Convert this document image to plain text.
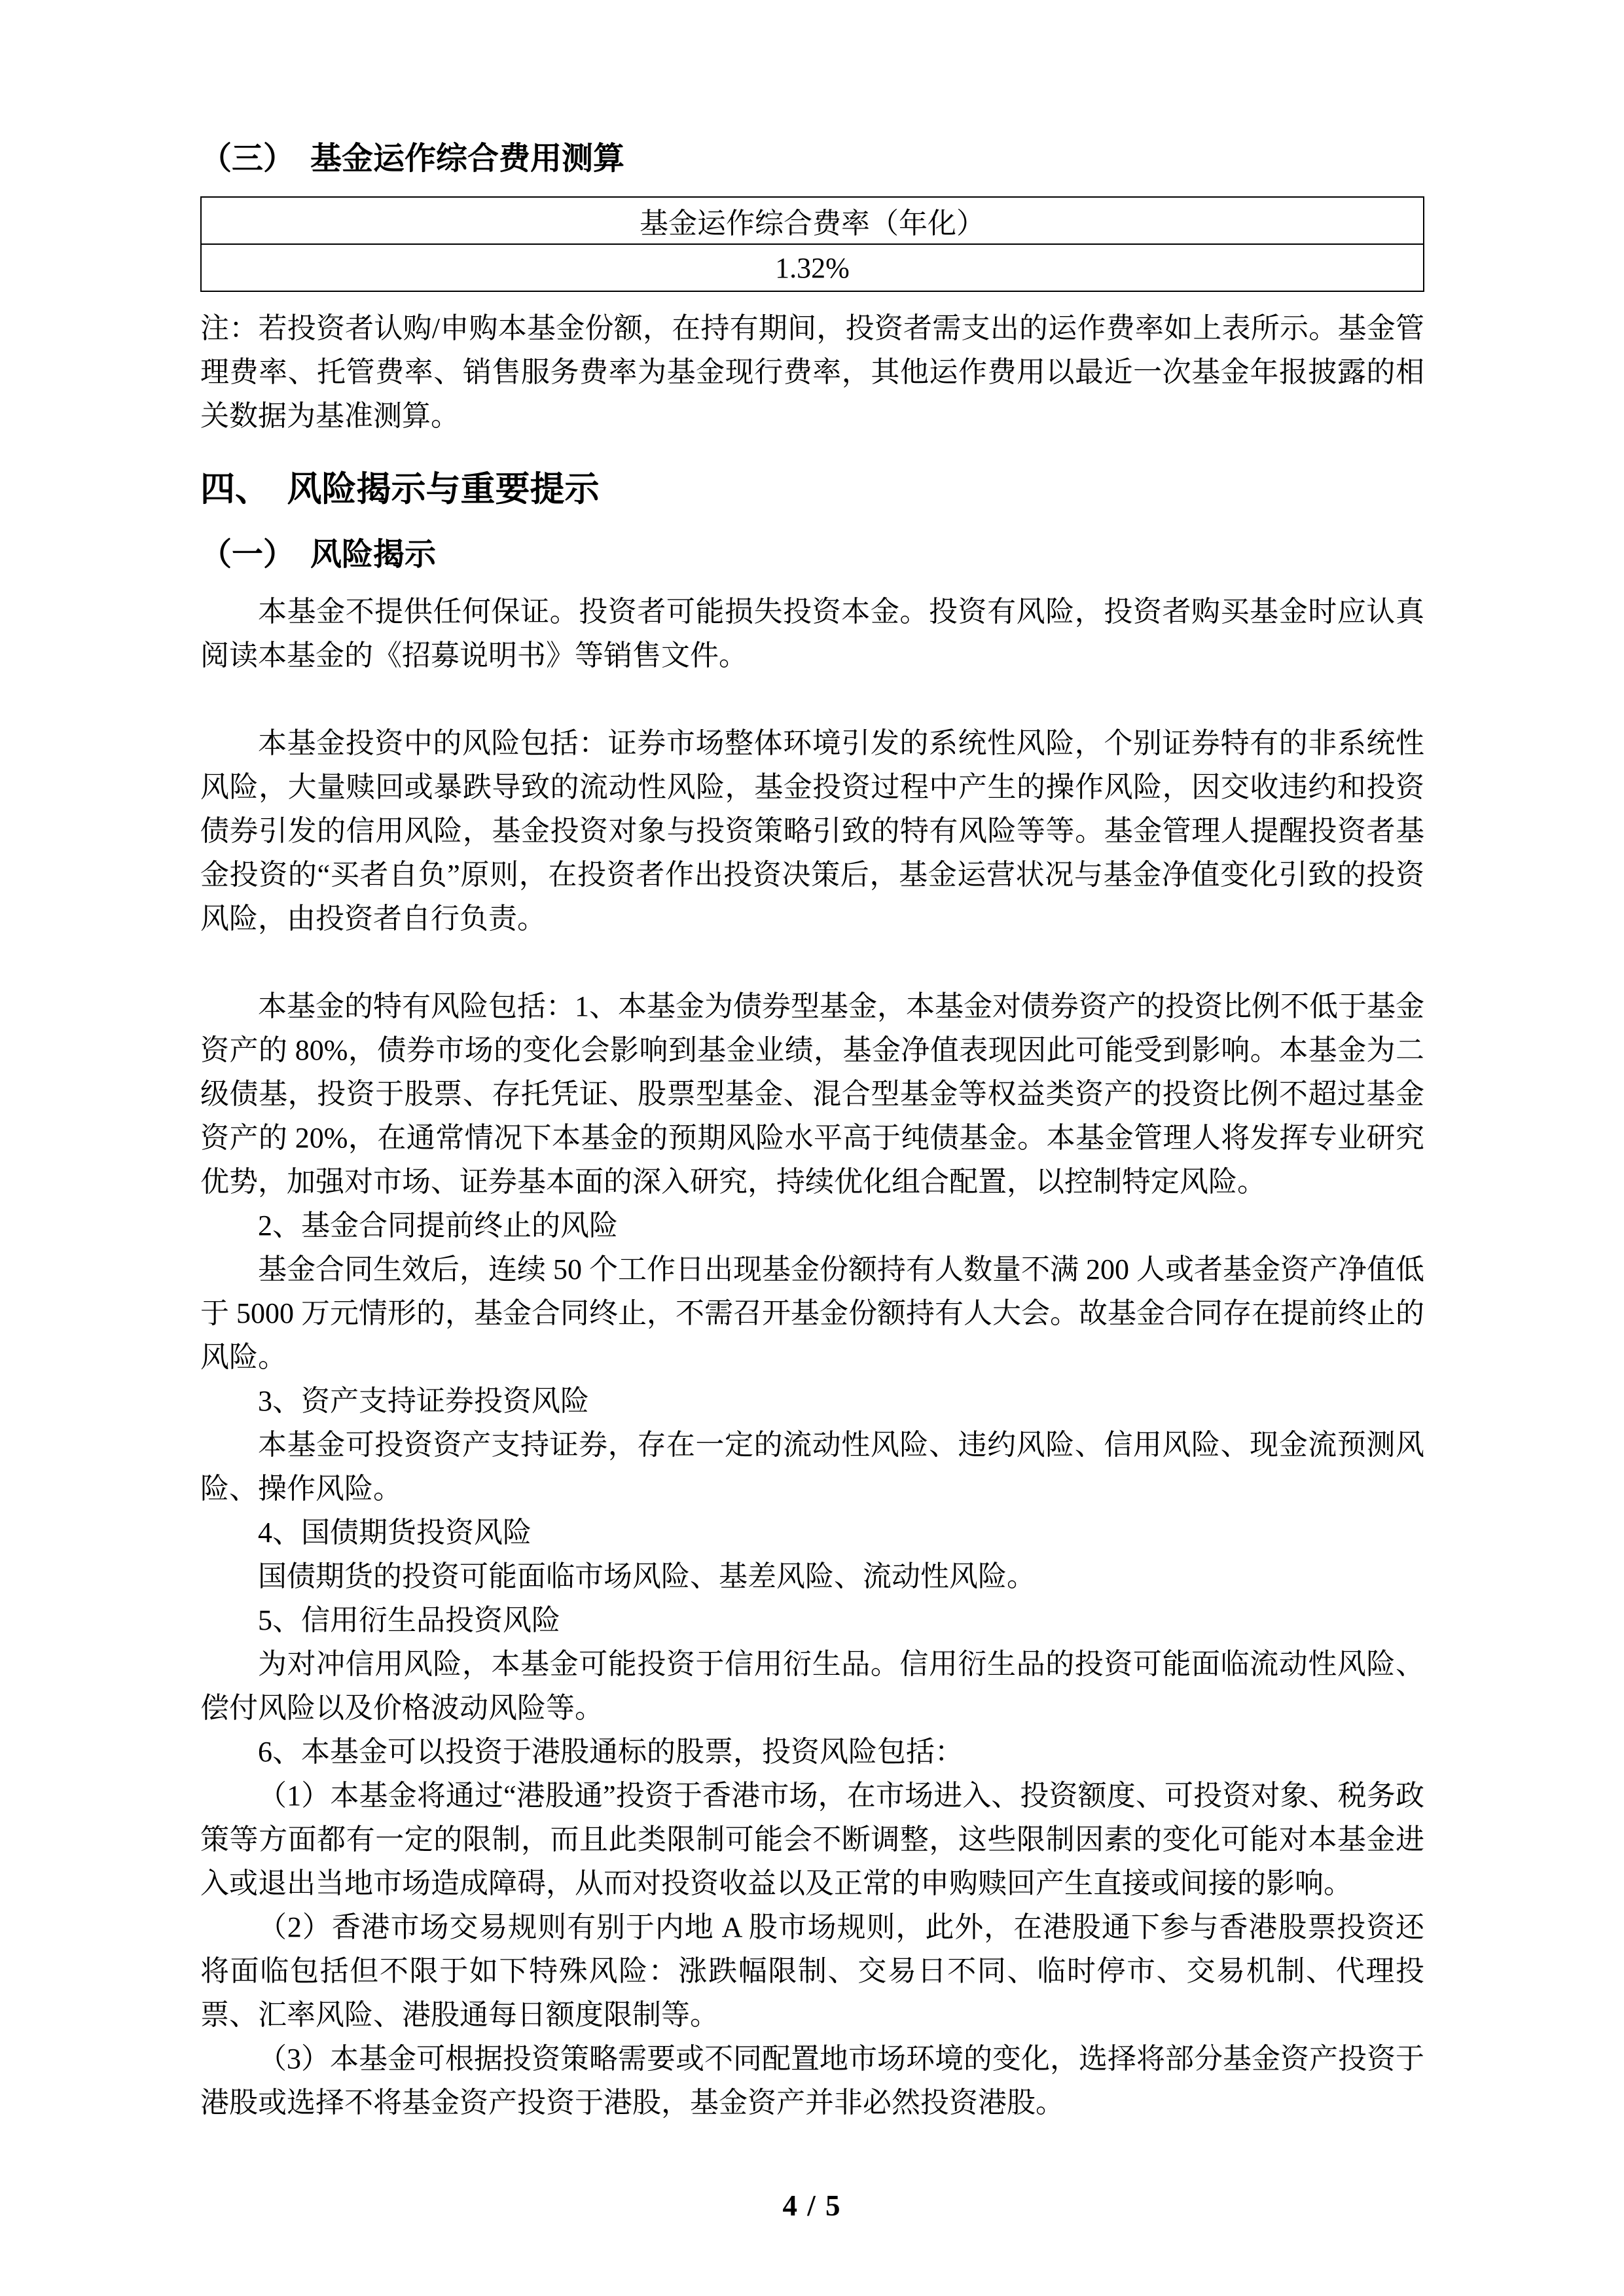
（三）　基金运作综合费用测算
基金运作综合费率（年化）
1.32%

注：若投资者认购/申购本基金份额，在持有期间，投资者需支出的运作费率如上表所示。基金管理费率、托管费率、销售服务费率为基金现行费率，其他运作费用以最近一次基金年报披露的相关数据为基准测算。

四、　风险揭示与重要提示
（一）　风险揭示

本基金不提供任何保证。投资者可能损失投资本金。投资有风险，投资者购买基金时应认真阅读本基金的《招募说明书》等销售文件。

本基金投资中的风险包括：证券市场整体环境引发的系统性风险，个别证券特有的非系统性风险，大量赎回或暴跌导致的流动性风险，基金投资过程中产生的操作风险，因交收违约和投资债券引发的信用风险，基金投资对象与投资策略引致的特有风险等等。基金管理人提醒投资者基金投资的“买者自负”原则，在投资者作出投资决策后，基金运营状况与基金净值变化引致的投资风险，由投资者自行负责。

本基金的特有风险包括：1、本基金为债券型基金，本基金对债券资产的投资比例不低于基金资产的 80%，债券市场的变化会影响到基金业绩，基金净值表现因此可能受到影响。本基金为二级债基，投资于股票、存托凭证、股票型基金、混合型基金等权益类资产的投资比例不超过基金资产的 20%，在通常情况下本基金的预期风险水平高于纯债基金。本基金管理人将发挥专业研究优势，加强对市场、证券基本面的深入研究，持续优化组合配置，以控制特定风险。

2、基金合同提前终止的风险

基金合同生效后，连续 50 个工作日出现基金份额持有人数量不满 200 人或者基金资产净值低于 5000 万元情形的，基金合同终止，不需召开基金份额持有人大会。故基金合同存在提前终止的风险。

3、资产支持证券投资风险

本基金可投资资产支持证券，存在一定的流动性风险、违约风险、信用风险、现金流预测风险、操作风险。

4、国债期货投资风险

国债期货的投资可能面临市场风险、基差风险、流动性风险。

5、信用衍生品投资风险

为对冲信用风险，本基金可能投资于信用衍生品。信用衍生品的投资可能面临流动性风险、偿付风险以及价格波动风险等。

6、本基金可以投资于港股通标的股票，投资风险包括：

（1）本基金将通过“港股通”投资于香港市场，在市场进入、投资额度、可投资对象、税务政策等方面都有一定的限制，而且此类限制可能会不断调整，这些限制因素的变化可能对本基金进入或退出当地市场造成障碍，从而对投资收益以及正常的申购赎回产生直接或间接的影响。

（2）香港市场交易规则有别于内地 A 股市场规则，此外，在港股通下参与香港股票投资还将面临包括但不限于如下特殊风险：涨跌幅限制、交易日不同、临时停市、交易机制、代理投票、汇率风险、港股通每日额度限制等。

（3）本基金可根据投资策略需要或不同配置地市场环境的变化，选择将部分基金资产投资于港股或选择不将基金资产投资于港股，基金资产并非必然投资港股。

4 / 5
